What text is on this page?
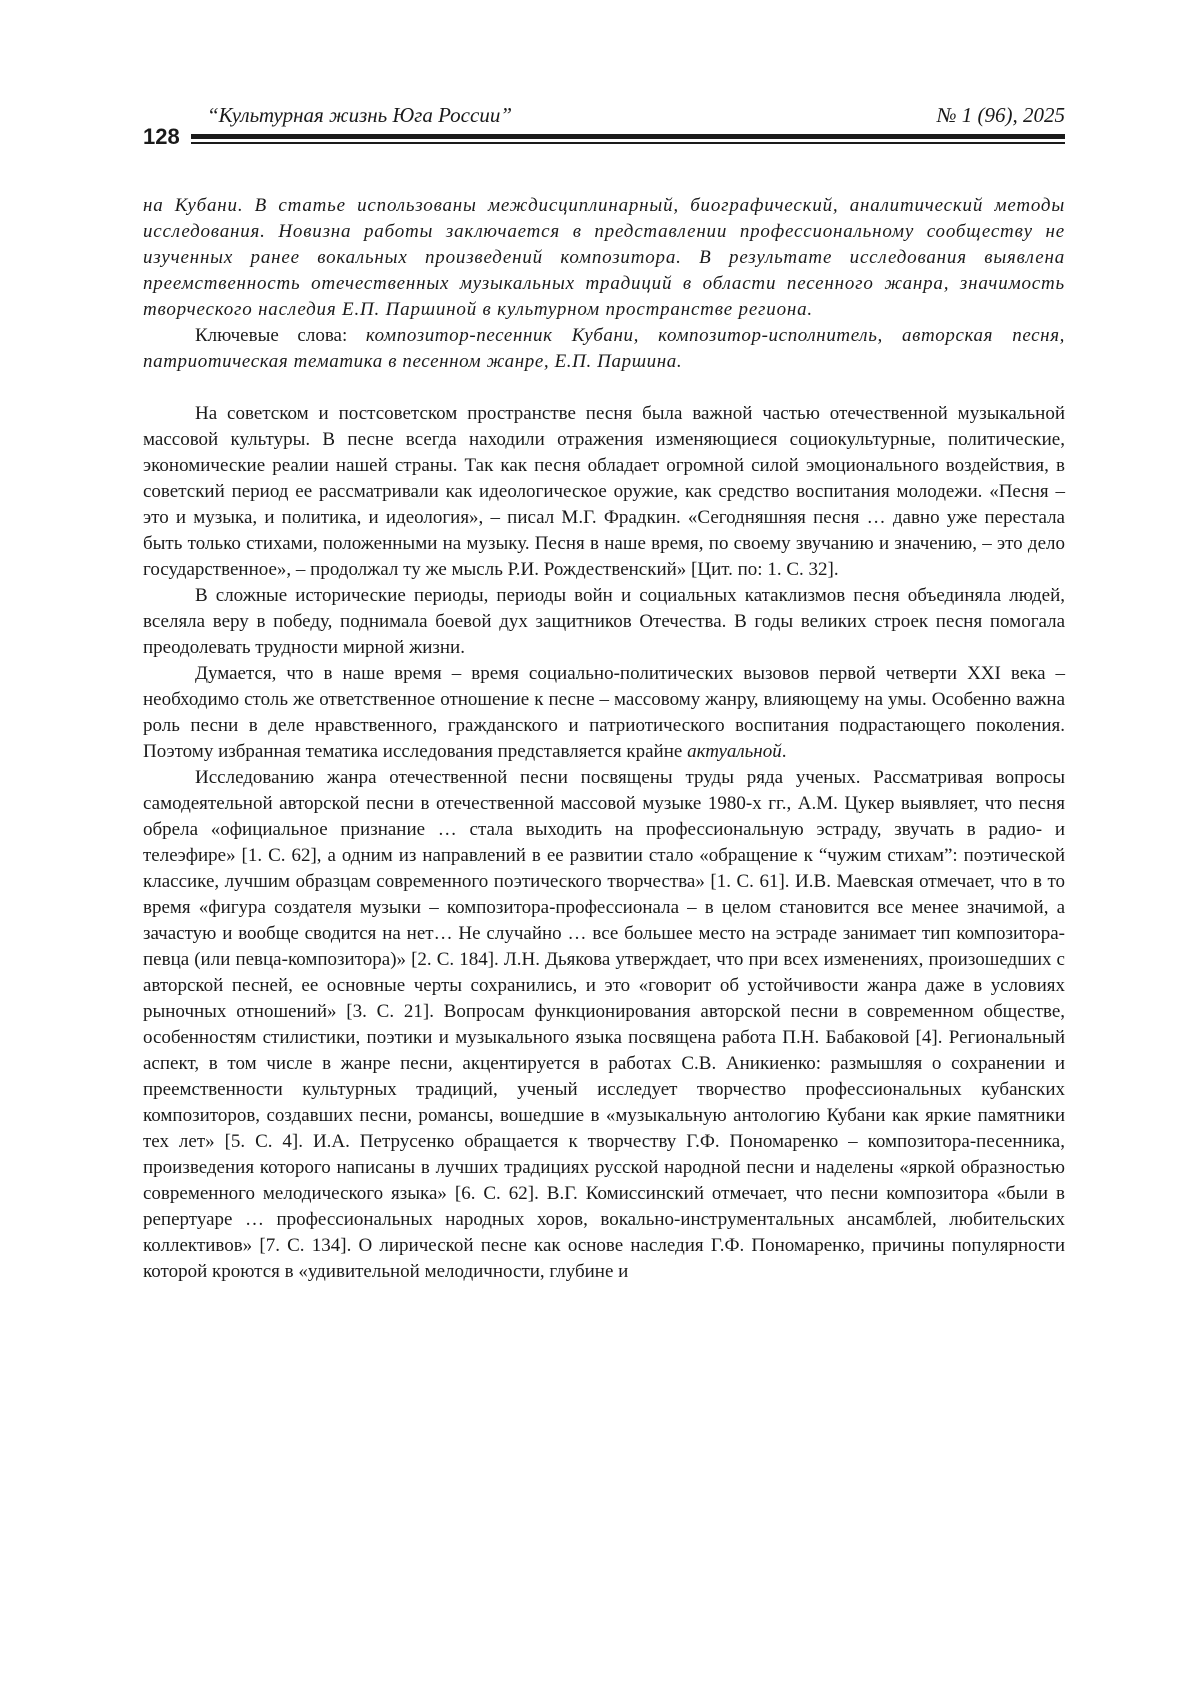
128
“Культурная жизнь Юга России”	№ 1 (96), 2025

на Кубани. В статье использованы междисциплинарный, биографический, аналитический методы исследования. Новизна работы заключается в представлении профессиональному сообществу не изученных ранее вокальных произведений композитора. В результате исследования выявлена преемственность отечественных музыкальных традиций в области песенного жанра, значимость творческого наследия Е.П. Паршиной в культурном пространстве региона.

Ключевые слова: композитор-песенник Кубани, композитор-исполнитель, авторская песня, патриотическая тематика в песенном жанре, Е.П. Паршина.

На советском и постсоветском пространстве песня была важной частью отечественной музыкальной массовой культуры. В песне всегда находили отражения изменяющиеся социокультурные, политические, экономические реалии нашей страны. Так как песня обладает огромной силой эмоционального воздействия, в советский период ее рассматривали как идеологическое оружие, как средство воспитания молодежи. «Песня – это и музыка, и политика, и идеология», – писал М.Г. Фрадкин. «Сегодняшняя песня … давно уже перестала быть только стихами, положенными на музыку. Песня в наше время, по своему звучанию и значению, – это дело государственное», – продолжал ту же мысль Р.И. Рождественский» [Цит. по: 1. С. 32].

В сложные исторические периоды, периоды войн и социальных катаклизмов песня объединяла людей, вселяла веру в победу, поднимала боевой дух защитников Отечества. В годы великих строек песня помогала преодолевать трудности мирной жизни.

Думается, что в наше время – время социально-политических вызовов первой четверти XXI века – необходимо столь же ответственное отношение к песне – массовому жанру, влияющему на умы. Особенно важна роль песни в деле нравственного, гражданского и патриотического воспитания подрастающего поколения. Поэтому избранная тематика исследования представляется крайне актуальной.

Исследованию жанра отечественной песни посвящены труды ряда ученых. Рассматривая вопросы самодеятельной авторской песни в отечественной массовой музыке 1980-х гг., А.М. Цукер выявляет, что песня обрела «официальное признание … стала выходить на профессиональную эстраду, звучать в радио- и телеэфире» [1. С. 62], а одним из направлений в ее развитии стало «обращение к “чужим стихам”: поэтической классике, лучшим образцам современного поэтического творчества» [1. С. 61]. И.В. Маевская отмечает, что в то время «фигура создателя музыки – композитора-профессионала – в целом становится все менее значимой, а зачастую и вообще сводится на нет… Не случайно … все большее место на эстраде занимает тип композитора-певца (или певца-композитора)» [2. С. 184]. Л.Н. Дьякова утверждает, что при всех изменениях, произошедших с авторской песней, ее основные черты сохранились, и это «говорит об устойчивости жанра даже в условиях рыночных отношений» [3. С. 21]. Вопросам функционирования авторской песни в современном обществе, особенностям стилистики, поэтики и музыкального языка посвящена работа П.Н. Бабаковой [4]. Региональный аспект, в том числе в жанре песни, акцентируется в работах С.В. Аникиенко: размышляя о сохранении и преемственности культурных традиций, ученый исследует творчество профессиональных кубанских композиторов, создавших песни, романсы, вошедшие в «музыкальную антологию Кубани как яркие памятники тех лет» [5. С. 4]. И.А. Петрусенко обращается к творчеству Г.Ф. Пономаренко – композитора-песенника, произведения которого написаны в лучших традициях русской народной песни и наделены «яркой образностью современного мелодического языка» [6. С. 62]. В.Г. Комиссинский отмечает, что песни композитора «были в репертуаре … профессиональных народных хоров, вокально-инструментальных ансамблей, любительских коллективов» [7. С. 134]. О лирической песне как основе наследия Г.Ф. Пономаренко, причины популярности которой кроются в «удивительной мелодичности, глубине и
